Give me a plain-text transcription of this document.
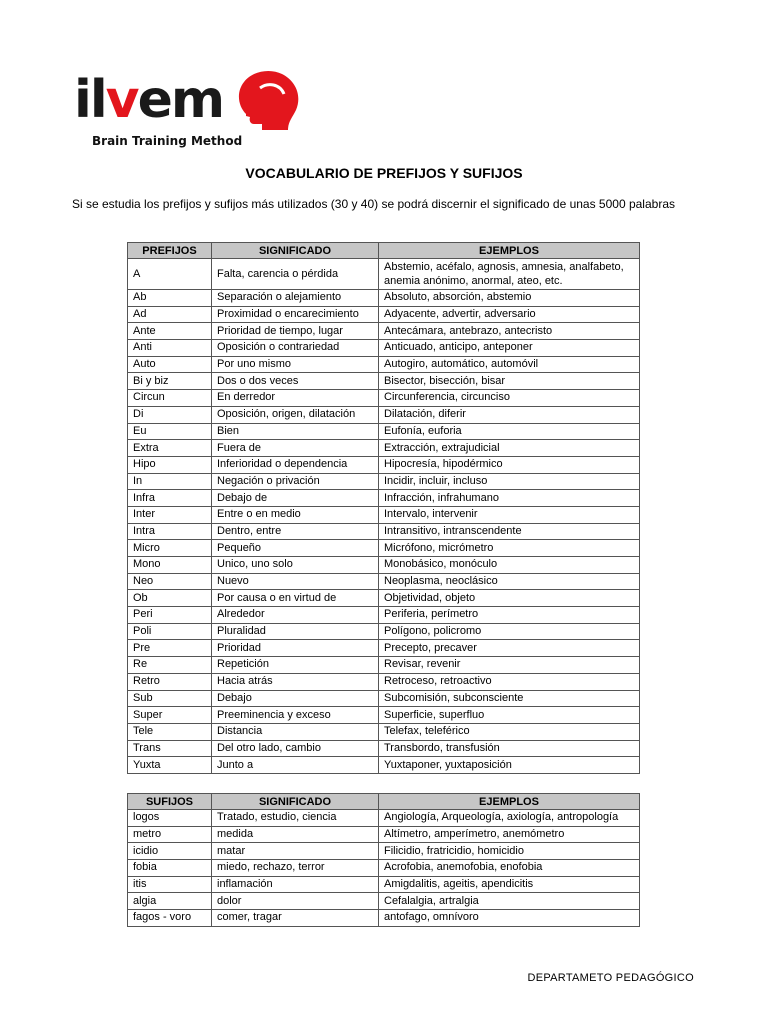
ilvem
Brain Training Method
VOCABULARIO DE PREFIJOS Y SUFIJOS
Si se estudia los prefijos y sufijos más utilizados (30 y 40) se podrá discernir el significado de unas 5000 palabras
PREFIJOS	SIGNIFICADO	EJEMPLOS
A	Falta, carencia o pérdida	Abstemio, acéfalo, agnosis, amnesia, analfabeto, anemia anónimo, anormal, ateo, etc.
Ab	Separación o alejamiento	Absoluto, absorción, abstemio
Ad	Proximidad o encarecimiento	Adyacente, advertir, adversario
Ante	Prioridad de tiempo, lugar	Antecámara, antebrazo, antecristo
Anti	Oposición o contrariedad	Anticuado, anticipo, anteponer
Auto	Por uno mismo	Autogiro, automático, automóvil
Bi y biz	Dos o dos veces	Bisector, bisección, bisar
Circun	En derredor	Circunferencia, circunciso
Di	Oposición, origen, dilatación	Dilatación, diferir
Eu	Bien	Eufonía, euforia
Extra	Fuera de	Extracción, extrajudicial
Hipo	Inferioridad o dependencia	Hipocresía, hipodérmico
In	Negación o privación	Incidir, incluir, incluso
Infra	Debajo de	Infracción, infrahumano
Inter	Entre o en medio	Intervalo, intervenir
Intra	Dentro, entre	Intransitivo, intranscendente
Micro	Pequeño	Micrófono, micrómetro
Mono	Unico, uno solo	Monobásico, monóculo
Neo	Nuevo	Neoplasma, neoclásico
Ob	Por causa o en virtud de	Objetividad, objeto
Peri	Alrededor	Periferia, perímetro
Poli	Pluralidad	Polígono, policromo
Pre	Prioridad	Precepto, precaver
Re	Repetición	Revisar, revenir
Retro	Hacia atrás	Retroceso, retroactivo
Sub	Debajo	Subcomisión, subconsciente
Super	Preeminencia y exceso	Superficie, superfluo
Tele	Distancia	Telefax, teleférico
Trans	Del otro lado, cambio	Transbordo, transfusión
Yuxta	Junto a	Yuxtaponer, yuxtaposición
SUFIJOS	SIGNIFICADO	EJEMPLOS
logos	Tratado, estudio, ciencia	Angiología, Arqueología, axiología, antropología
metro	medida	Altímetro, amperímetro, anemómetro
icidio	matar	Filicidio, fratricidio, homicidio
fobia	miedo, rechazo, terror	Acrofobia, anemofobia, enofobia
itis	inflamación	Amigdalitis, ageitis, apendicitis
algia	dolor	Cefalalgia, artralgia
fagos - voro	comer, tragar	antofago, omnívoro
DEPARTAMETO PEDAGÓGICO
